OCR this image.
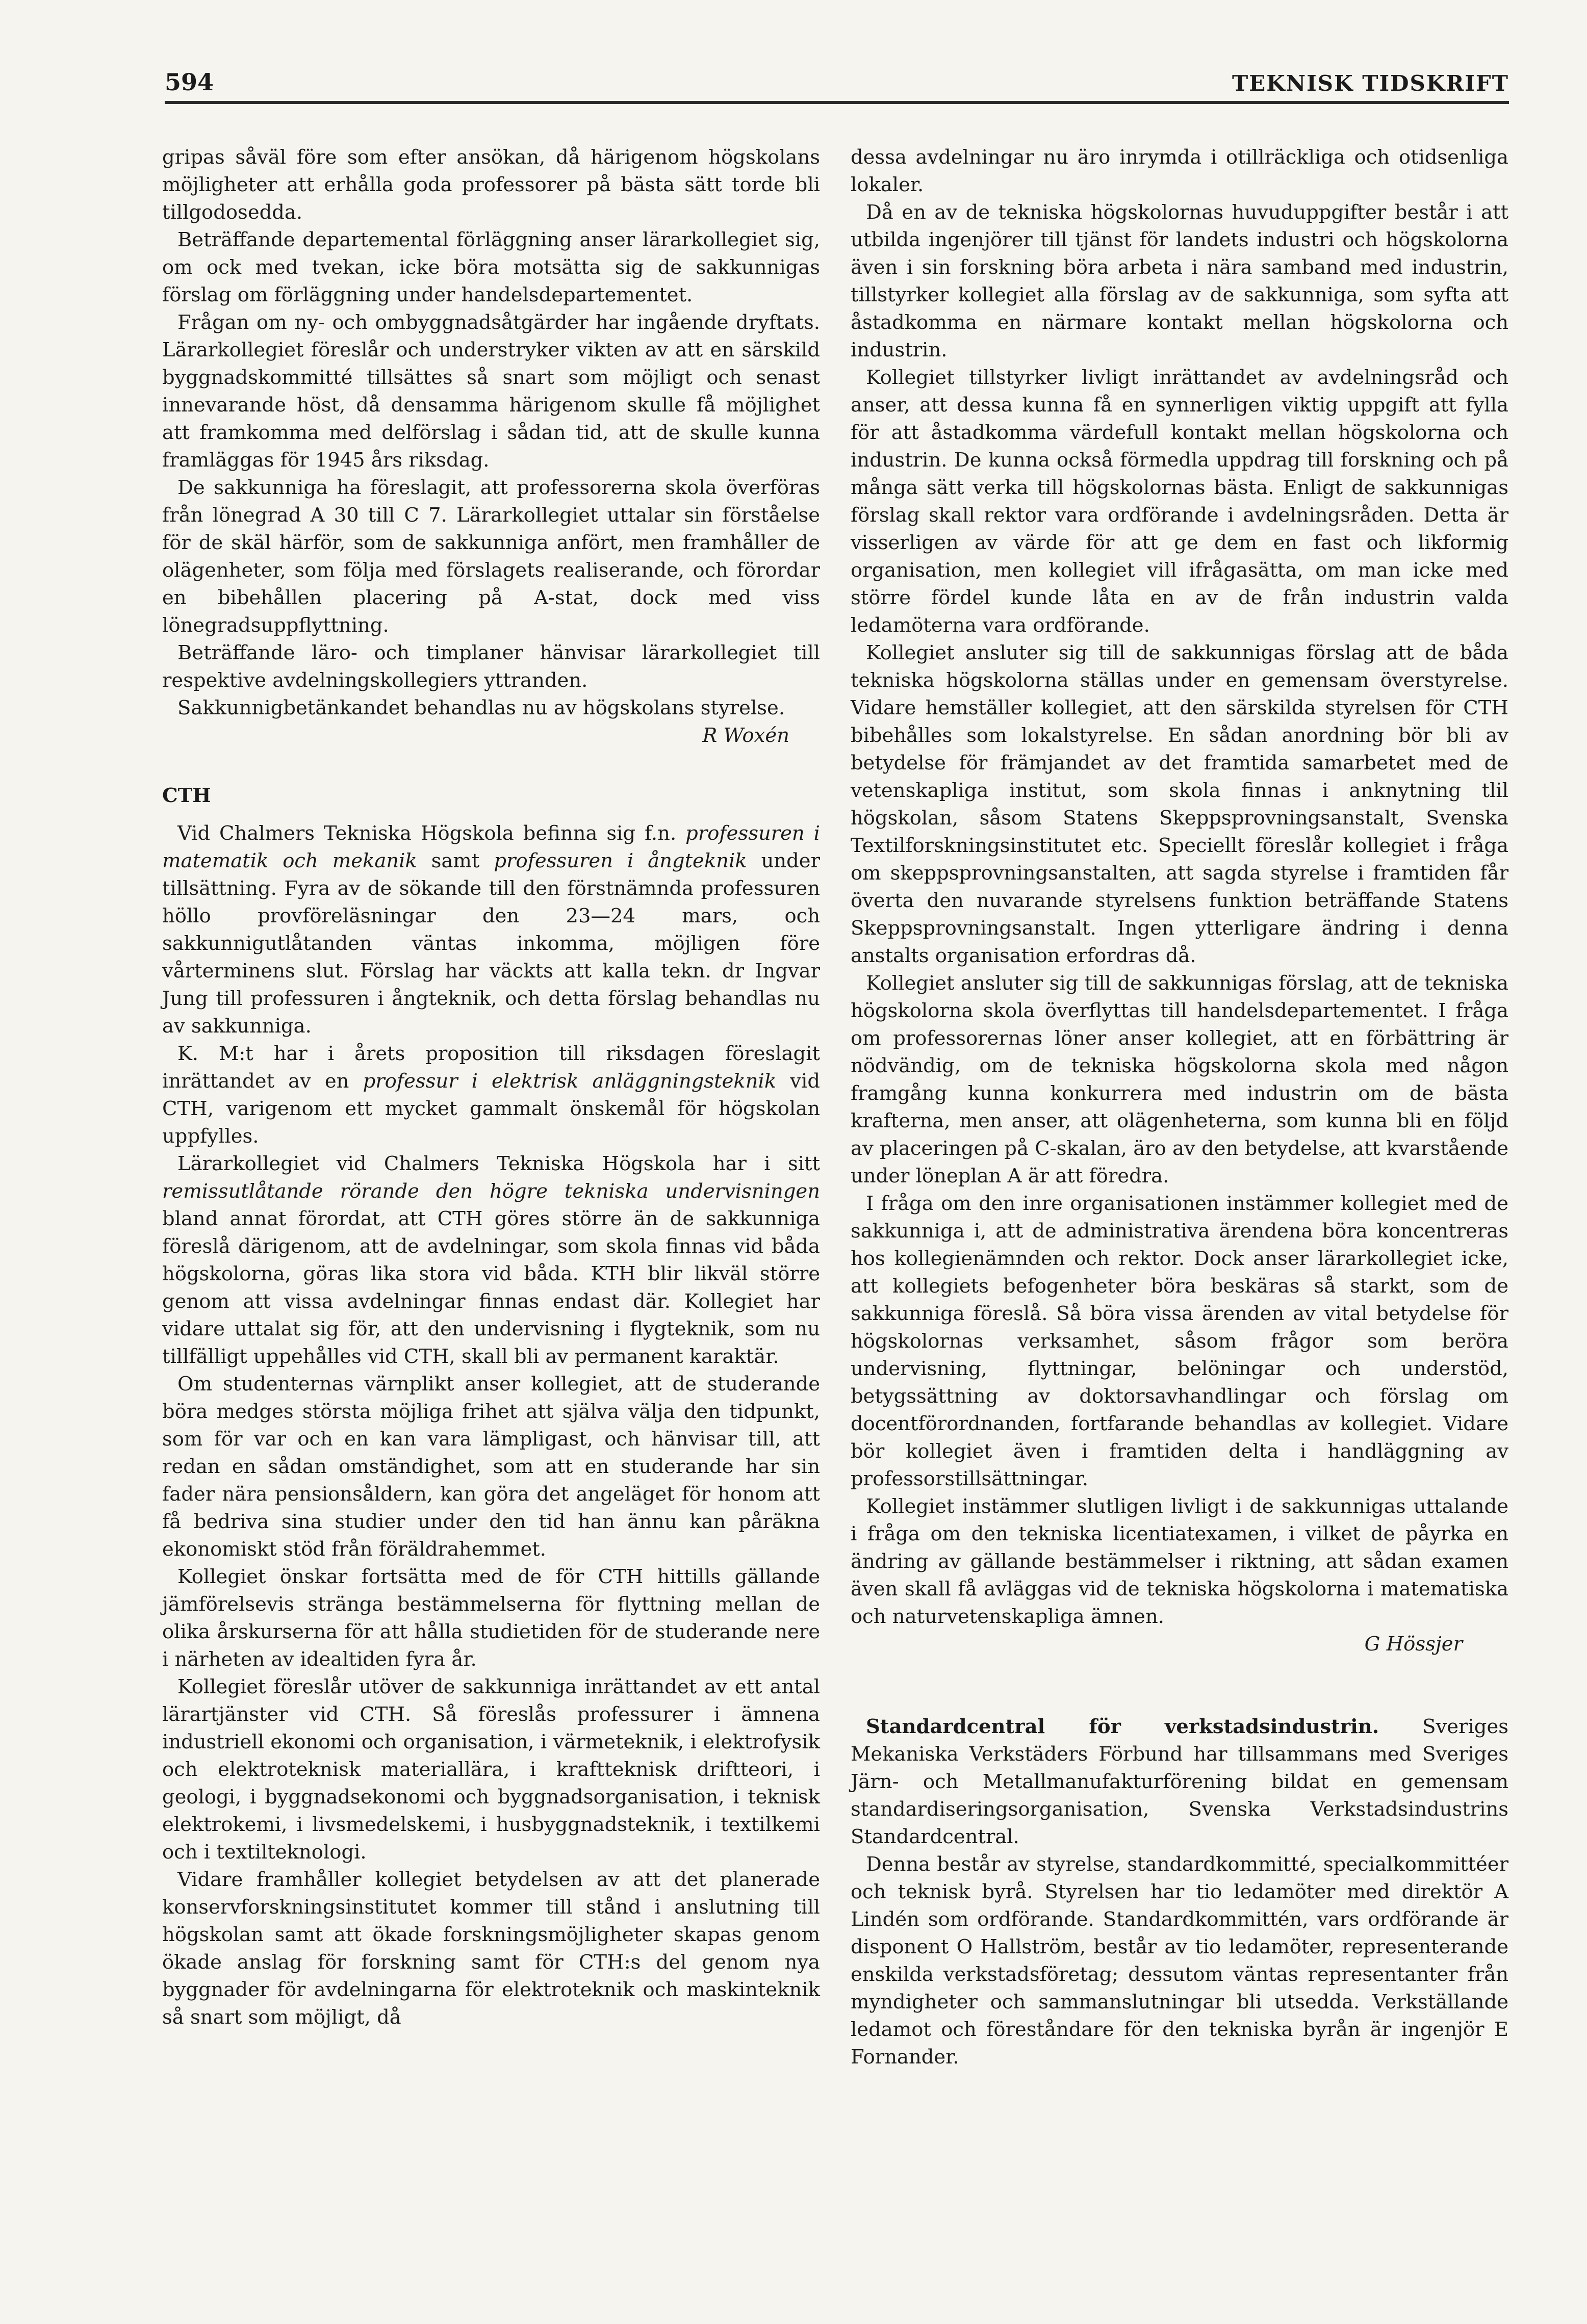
594	TEKNISK TIDSKRIFT

gripas såväl före som efter ansökan, då härigenom högskolans möjligheter att erhålla goda professorer på bästa sätt torde bli tillgodosedda.

Beträffande departemental förläggning anser lärarkollegiet sig, om ock med tvekan, icke böra motsätta sig de sakkunnigas förslag om förläggning under handelsdepartementet.

Frågan om ny- och ombyggnadsåtgärder har ingående dryftats. Lärarkollegiet föreslår och understryker vikten av att en särskild byggnadskommitté tillsättes så snart som möjligt och senast innevarande höst, då densamma härigenom skulle få möjlighet att framkomma med delförslag i sådan tid, att de skulle kunna framläggas för 1945 års riksdag.

De sakkunniga ha föreslagit, att professorerna skola överföras från lönegrad A 30 till C 7. Lärarkollegiet uttalar sin förståelse för de skäl härför, som de sakkunniga anfört, men framhåller de olägenheter, som följa med förslagets realiserande, och förordar en bibehållen placering på A-stat, dock med viss lönegradsuppflyttning.

Beträffande läro- och timplaner hänvisar lärarkollegiet till respektive avdelningskollegiers yttranden.

Sakkunnigbetänkandet behandlas nu av högskolans styrelse.
R Woxén

CTH

Vid Chalmers Tekniska Högskola befinna sig f.n. professuren i matematik och mekanik samt professuren i ångteknik under tillsättning. Fyra av de sökande till den förstnämnda professuren höllo provföreläsningar den 23—24 mars, och sakkunnigutlåtanden väntas inkomma, möjligen före vårterminens slut. Förslag har väckts att kalla tekn. dr Ingvar Jung till professuren i ångteknik, och detta förslag behandlas nu av sakkunniga.

K. M:t har i årets proposition till riksdagen föreslagit inrättandet av en professur i elektrisk anläggningsteknik vid CTH, varigenom ett mycket gammalt önskemål för högskolan uppfylles.

Lärarkollegiet vid Chalmers Tekniska Högskola har i sitt remissutlåtande rörande den högre tekniska undervisningen bland annat förordat, att CTH göres större än de sakkunniga föreslå därigenom, att de avdelningar, som skola finnas vid båda högskolorna, göras lika stora vid båda. KTH blir likväl större genom att vissa avdelningar finnas endast där. Kollegiet har vidare uttalat sig för, att den undervisning i flygteknik, som nu tillfälligt uppehålles vid CTH, skall bli av permanent karaktär.

Om studenternas värnplikt anser kollegiet, att de studerande böra medges största möjliga frihet att själva välja den tidpunkt, som för var och en kan vara lämpligast, och hänvisar till, att redan en sådan omständighet, som att en studerande har sin fader nära pensionsåldern, kan göra det angeläget för honom att få bedriva sina studier under den tid han ännu kan påräkna ekonomiskt stöd från föräldrahemmet.

Kollegiet önskar fortsätta med de för CTH hittills gällande jämförelsevis stränga bestämmelserna för flyttning mellan de olika årskurserna för att hålla studietiden för de studerande nere i närheten av idealtiden fyra år.

Kollegiet föreslår utöver de sakkunniga inrättandet av ett antal lärartjänster vid CTH. Så föreslås professurer i ämnena industriell ekonomi och organisation, i värmeteknik, i elektrofysik och elektroteknisk materiallära, i kraftteknisk driftteori, i geologi, i byggnadsekonomi och byggnadsorganisation, i teknisk elektrokemi, i livsmedelskemi, i husbyggnadsteknik, i textilkemi och i textilteknologi.

Vidare framhåller kollegiet betydelsen av att det planerade konservforskningsinstitutet kommer till stånd i anslutning till högskolan samt att ökade forskningsmöjligheter skapas genom ökade anslag för forskning samt för CTH:s del genom nya byggnader för avdelningarna för elektroteknik och maskinteknik så snart som möjligt, då

dessa avdelningar nu äro inrymda i otillräckliga och otidsenliga lokaler.

Då en av de tekniska högskolornas huvuduppgifter består i att utbilda ingenjörer till tjänst för landets industri och högskolorna även i sin forskning böra arbeta i nära samband med industrin, tillstyrker kollegiet alla förslag av de sakkunniga, som syfta att åstadkomma en närmare kontakt mellan högskolorna och industrin.

Kollegiet tillstyrker livligt inrättandet av avdelningsråd och anser, att dessa kunna få en synnerligen viktig uppgift att fylla för att åstadkomma värdefull kontakt mellan högskolorna och industrin. De kunna också förmedla uppdrag till forskning och på många sätt verka till högskolornas bästa. Enligt de sakkunnigas förslag skall rektor vara ordförande i avdelningsråden. Detta är visserligen av värde för att ge dem en fast och likformig organisation, men kollegiet vill ifrågasätta, om man icke med större fördel kunde låta en av de från industrin valda ledamöterna vara ordförande.

Kollegiet ansluter sig till de sakkunnigas förslag att de båda tekniska högskolorna ställas under en gemensam överstyrelse. Vidare hemställer kollegiet, att den särskilda styrelsen för CTH bibehålles som lokalstyrelse. En sådan anordning bör bli av betydelse för främjandet av det framtida samarbetet med de vetenskapliga institut, som skola finnas i anknytning tlil högskolan, såsom Statens Skeppsprovningsanstalt, Svenska Textilforskningsinstitutet etc. Speciellt föreslår kollegiet i fråga om skeppsprovningsanstalten, att sagda styrelse i framtiden får överta den nuvarande styrelsens funktion beträffande Statens Skeppsprovningsanstalt. Ingen ytterligare ändring i denna anstalts organisation erfordras då.

Kollegiet ansluter sig till de sakkunnigas förslag, att de tekniska högskolorna skola överflyttas till handelsdepartementet. I fråga om professorernas löner anser kollegiet, att en förbättring är nödvändig, om de tekniska högskolorna skola med någon framgång kunna konkurrera med industrin om de bästa krafterna, men anser, att olägenheterna, som kunna bli en följd av placeringen på C-skalan, äro av den betydelse, att kvarstående under löneplan A är att föredra.

I fråga om den inre organisationen instämmer kollegiet med de sakkunniga i, att de administrativa ärendena böra koncentreras hos kollegienämnden och rektor. Dock anser lärarkollegiet icke, att kollegiets befogenheter böra beskäras så starkt, som de sakkunniga föreslå. Så böra vissa ärenden av vital betydelse för högskolornas verksamhet, såsom frågor som beröra undervisning, flyttningar, belöningar och understöd, betygssättning av doktorsavhandlingar och förslag om docentförordnanden, fortfarande behandlas av kollegiet. Vidare bör kollegiet även i framtiden delta i handläggning av professorstillsättningar.

Kollegiet instämmer slutligen livligt i de sakkunnigas uttalande i fråga om den tekniska licentiatexamen, i vilket de påyrka en ändring av gällande bestämmelser i riktning, att sådan examen även skall få avläggas vid de tekniska högskolorna i matematiska och naturvetenskapliga ämnen.

G Hössjer

Standardcentral för verkstadsindustrin. Sveriges Mekaniska Verkstäders Förbund har tillsammans med Sveriges Järn- och Metallmanufakturförening bildat en gemensam standardiseringsorganisation, Svenska Verkstadsindustrins Standardcentral.

Denna består av styrelse, standardkommitté, specialkommittéer och teknisk byrå. Styrelsen har tio ledamöter med direktör A Lindén som ordförande. Standardkommittén, vars ordförande är disponent O Hallström, består av tio ledamöter, representerande enskilda verkstadsföretag; dessutom väntas representanter från myndigheter och sammanslutningar bli utsedda. Verkställande ledamot och föreståndare för den tekniska byrån är ingenjör E Fornander.
